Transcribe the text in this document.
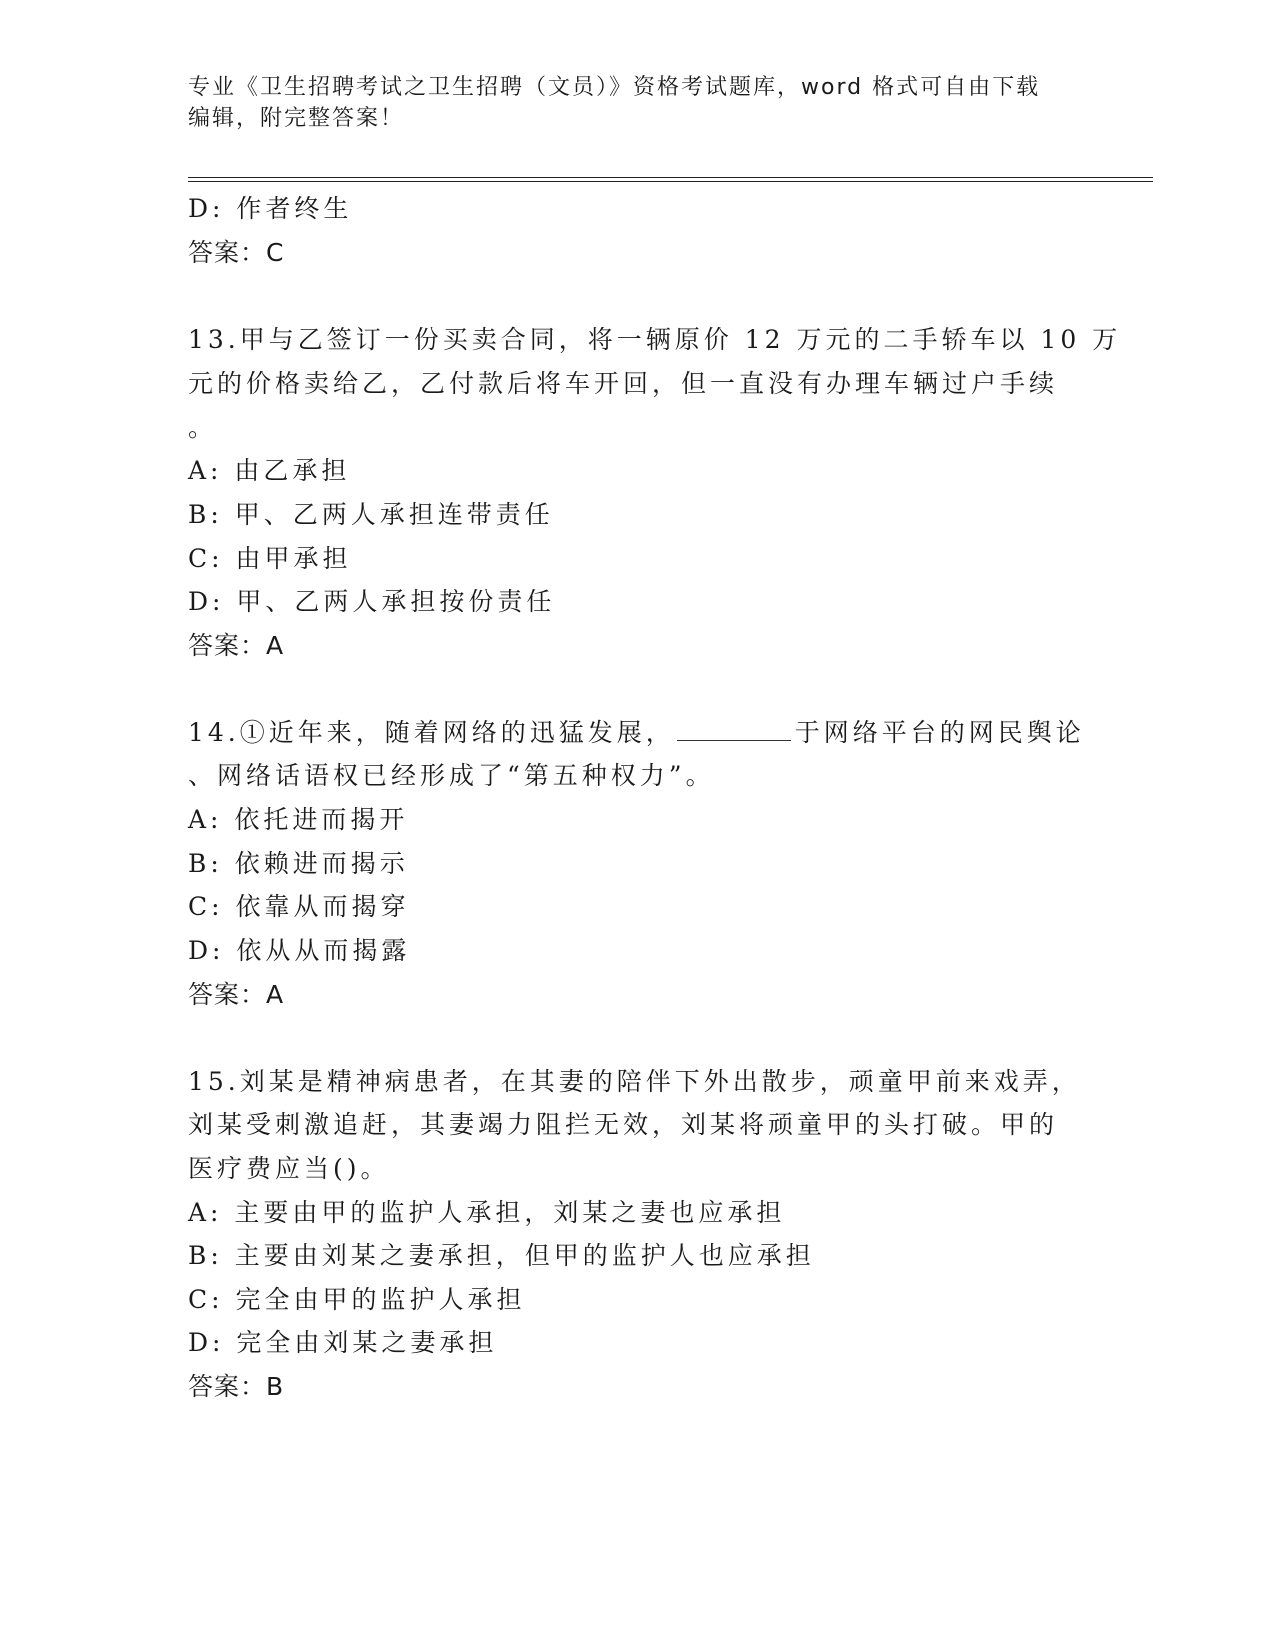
专业《卫生招聘考试之卫生招聘（文员）》资格考试题库，word 格式可自由下载
编辑，附完整答案！
D: 作者终生
答案：C
13.甲与乙签订一份买卖合同，将一辆原价 12 万元的二手轿车以 10 万
元的价格卖给乙，乙付款后将车开回，但一直没有办理车辆过户手续
。
A: 由乙承担
B: 甲、乙两人承担连带责任
C: 由甲承担
D: 甲、乙两人承担按份责任
答案：A
14.①近年来，随着网络的迅猛发展，	于网络平台的网民舆论
、网络话语权已经形成了“第五种权力”。
A: 依托进而揭开
B: 依赖进而揭示
C: 依靠从而揭穿
D: 依从从而揭露
答案：A
15.刘某是精神病患者，在其妻的陪伴下外出散步，顽童甲前来戏弄，
刘某受刺激追赶，其妻竭力阻拦无效，刘某将顽童甲的头打破。甲的
医疗费应当()。
A: 主要由甲的监护人承担，刘某之妻也应承担
B: 主要由刘某之妻承担，但甲的监护人也应承担
C: 完全由甲的监护人承担
D: 完全由刘某之妻承担
答案：B
